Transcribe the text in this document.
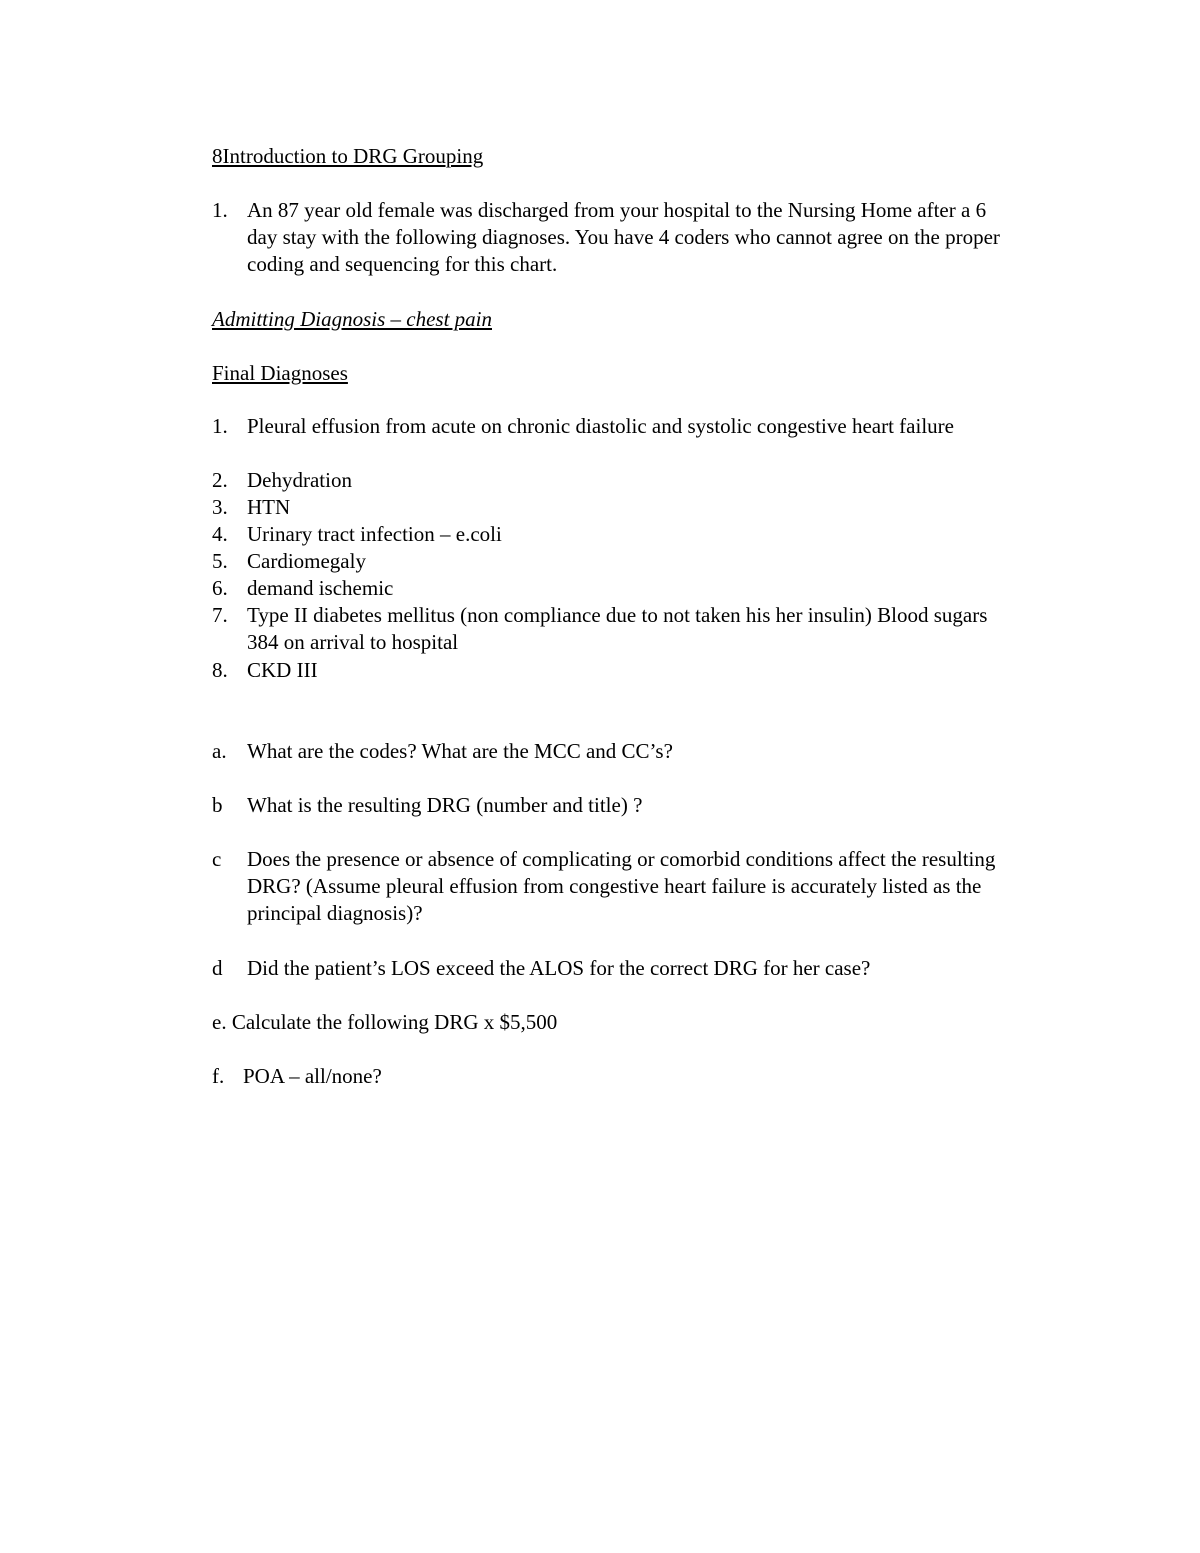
8Introduction to DRG Grouping
1. An 87 year old female was discharged from your hospital to the Nursing Home after a 6 day stay with the following diagnoses. You have 4 coders who cannot agree on the proper coding and sequencing for this chart.
Admitting Diagnosis – chest pain
Final Diagnoses
1. Pleural effusion from acute on chronic diastolic and systolic congestive heart failure
2. Dehydration
3. HTN
4. Urinary tract infection – e.coli
5. Cardiomegaly
6. demand ischemic
7. Type II diabetes mellitus (non compliance due to not taken his her insulin) Blood sugars 384 on arrival to hospital
8. CKD III
a. What are the codes? What are the MCC and CC’s?
b	What is the resulting DRG (number and title) ?
c	Does the presence or absence of complicating or comorbid conditions affect the resulting DRG? (Assume pleural effusion from congestive heart failure is accurately listed as the principal diagnosis)?
d	Did the patient’s LOS exceed the ALOS for the correct DRG for her case?
e. Calculate the following DRG x $5,500
f. POA – all/none?
